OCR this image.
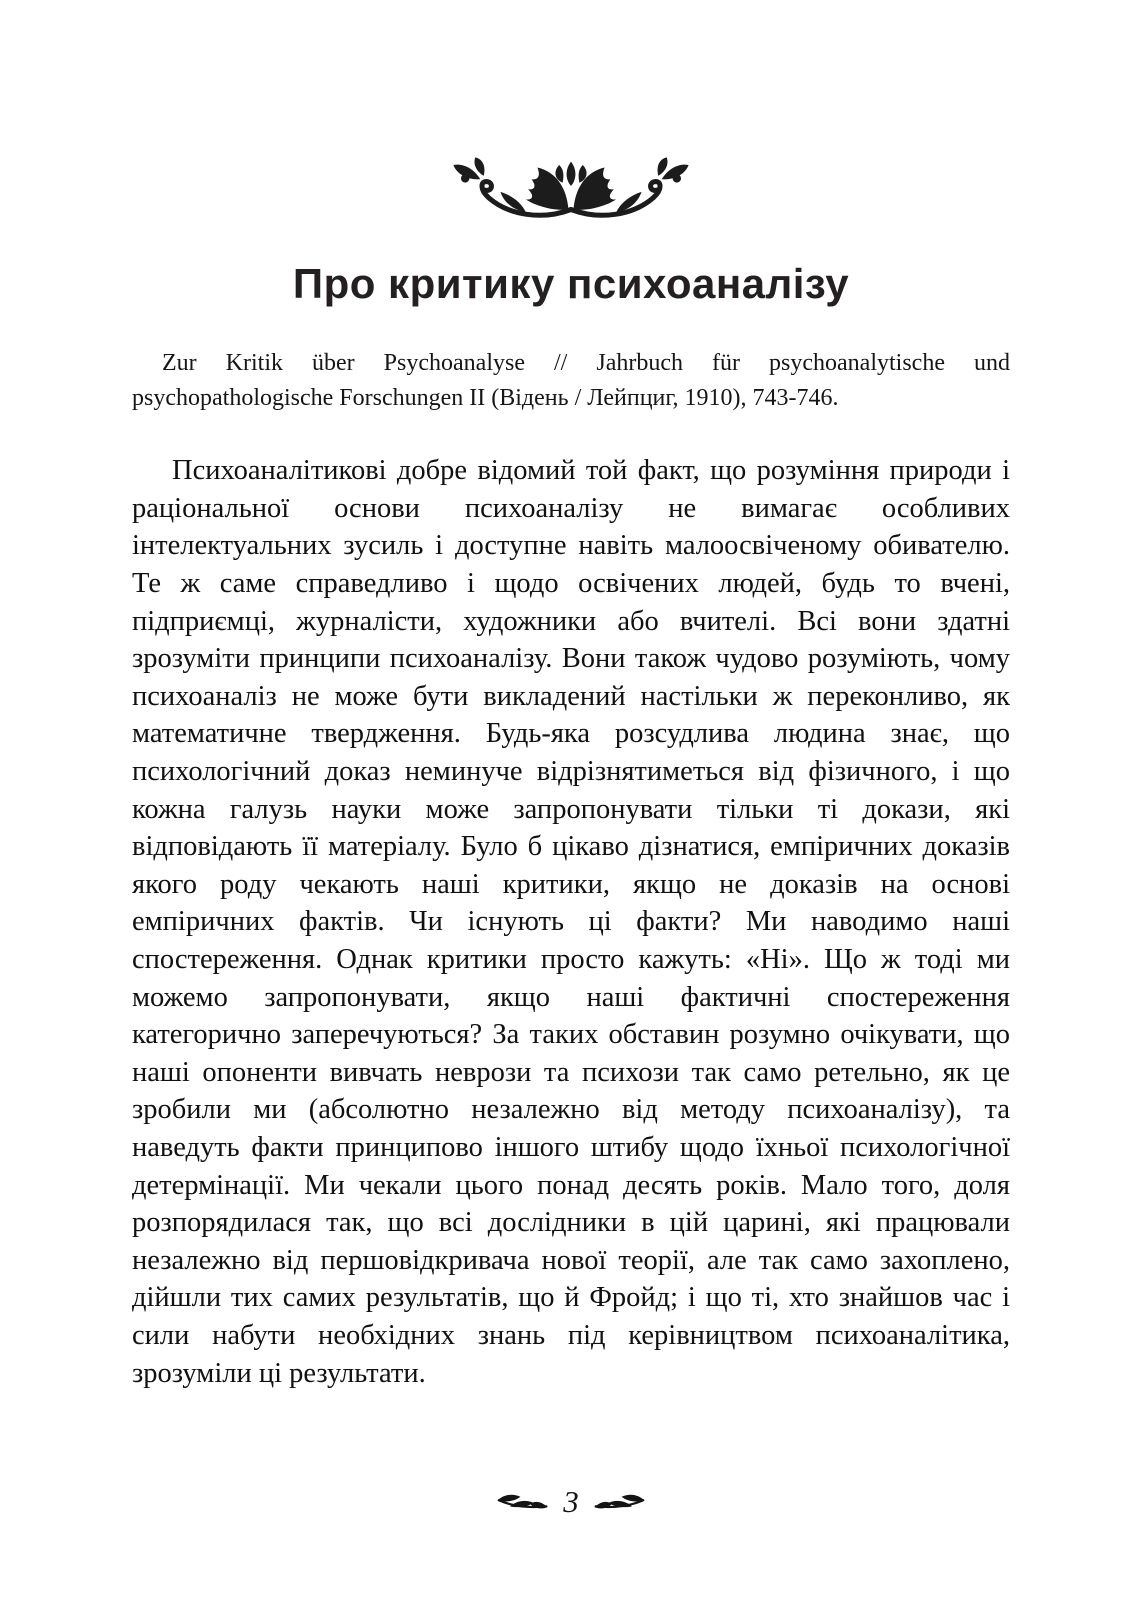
Про критику психоаналізу

Zur Kritik über Psychoanalyse // Jahrbuch für psychoanalytische und psychopathologische Forschungen II (Відень / Лейпциг, 1910), 743-746.

Психоаналітикові добре відомий той факт, що розуміння природи і раціональної основи психоаналізу не вимагає особливих інтелектуальних зусиль і доступне навіть малоосвіченому обивателю. Те ж саме справедливо і щодо освічених людей, будь то вчені, підприємці, журналісти, художники або вчителі. Всі вони здатні зрозуміти принципи психоаналізу. Вони також чудово розуміють, чому психоаналіз не може бути викладений настільки ж переконливо, як математичне твердження. Будь-яка розсудлива людина знає, що психологічний доказ неминуче відрізнятиметься від фізичного, і що кожна галузь науки може запропонувати тільки ті докази, які відповідають її матеріалу. Було б цікаво дізнатися, емпіричних доказів якого роду чекають наші критики, якщо не доказів на основі емпіричних фактів. Чи існують ці факти? Ми наводимо наші спостереження. Однак критики просто кажуть: «Ні». Що ж тоді ми можемо запропонувати, якщо наші фактичні спостереження категорично заперечуються? За таких обставин розумно очікувати, що наші опоненти вивчать неврози та психози так само ретельно, як це зробили ми (абсолютно незалежно від методу психоаналізу), та наведуть факти принципово іншого штибу щодо їхньої психологічної детермінації. Ми чекали цього понад десять років. Мало того, доля розпорядилася так, що всі дослідники в цій царині, які працювали незалежно від першовідкривача нової теорії, але так само захоплено, дійшли тих самих результатів, що й Фройд; і що ті, хто знайшов час і сили набути необхідних знань під керівництвом психоаналітика, зрозуміли ці результати.

3
